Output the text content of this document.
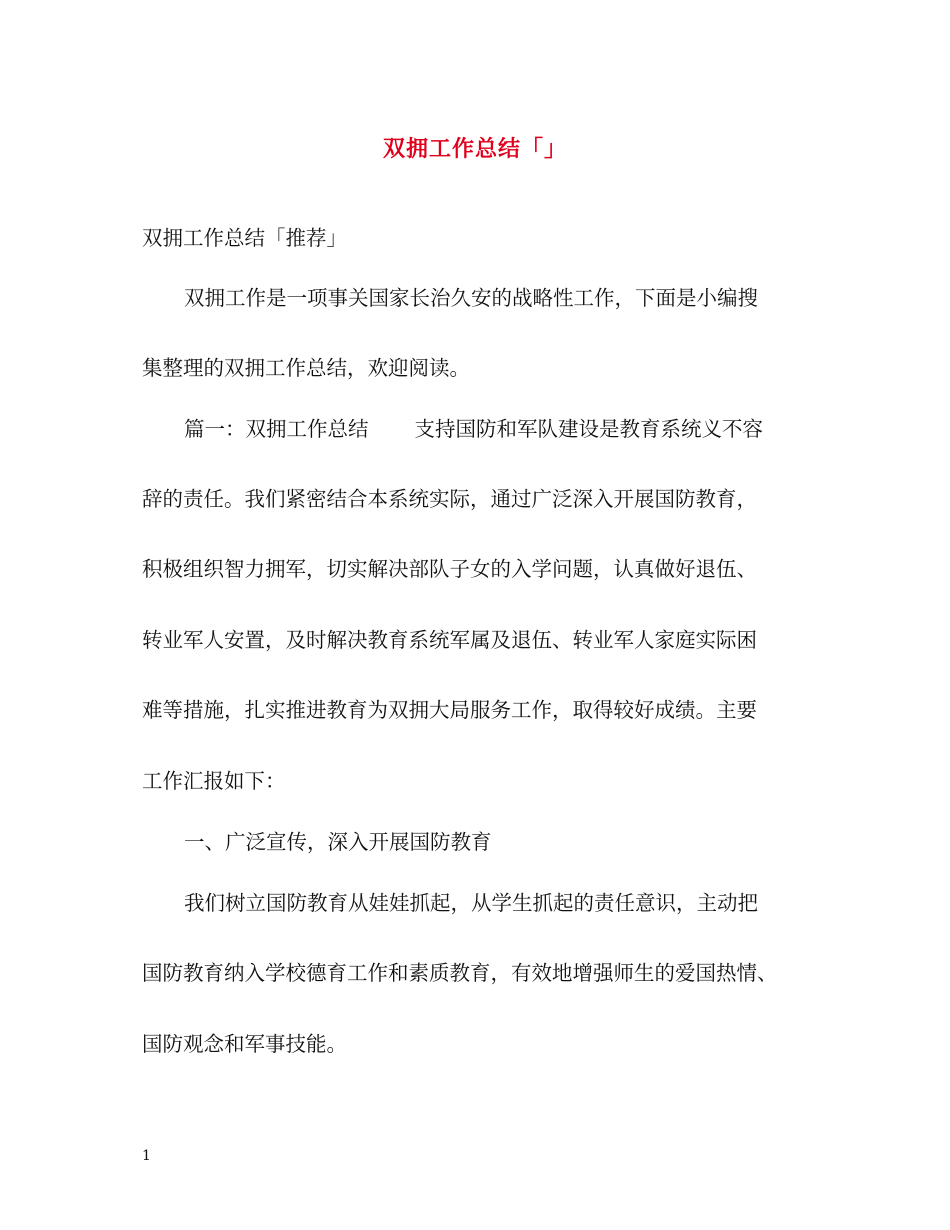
双拥工作总结「」
双拥工作总结「推荐」
双拥工作是一项事关国家长治久安的战略性工作，下面是小编搜
集整理的双拥工作总结，欢迎阅读。
篇一：双拥工作总结 支持国防和军队建设是教育系统义不容
辞的责任。我们紧密结合本系统实际，通过广泛深入开展国防教育，
积极组织智力拥军，切实解决部队子女的入学问题，认真做好退伍、
转业军人安置，及时解决教育系统军属及退伍、转业军人家庭实际困
难等措施，扎实推进教育为双拥大局服务工作，取得较好成绩。主要
工作汇报如下：
一、广泛宣传，深入开展国防教育
我们树立国防教育从娃娃抓起，从学生抓起的责任意识，主动把
国防教育纳入学校德育工作和素质教育，有效地增强师生的爱国热情、
国防观念和军事技能。
1
